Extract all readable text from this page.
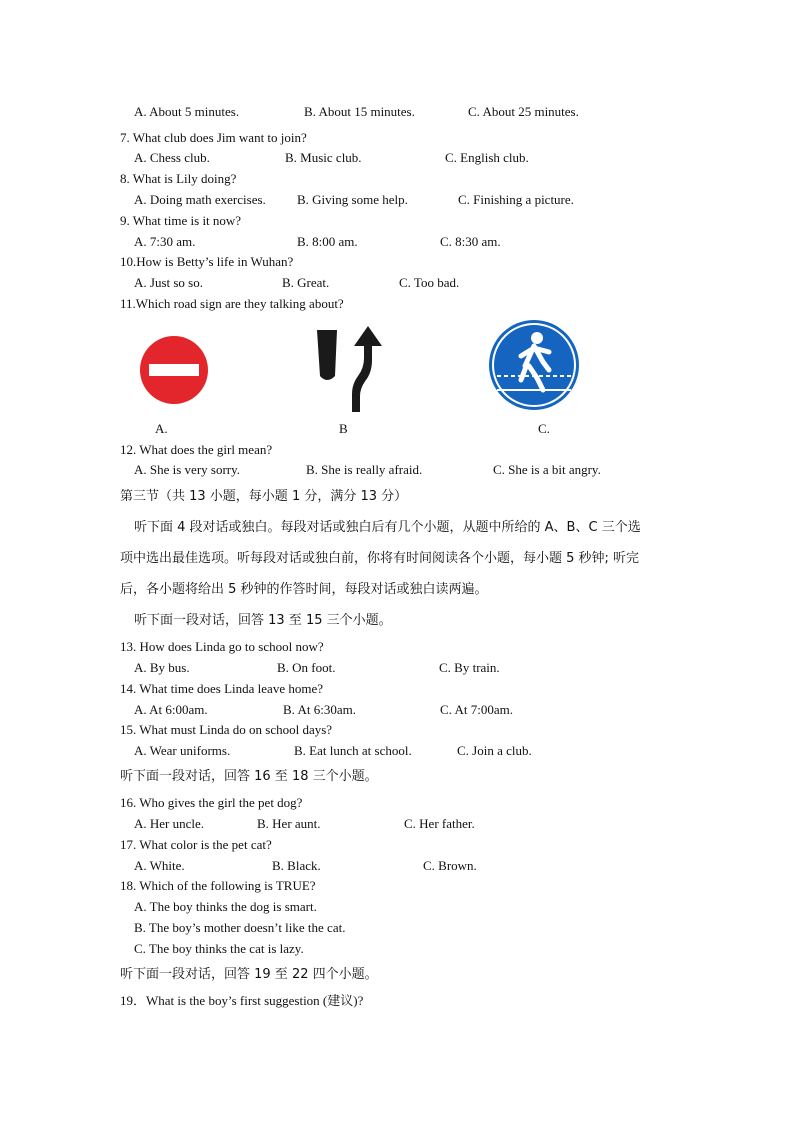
A. About 5 minutes.	B. About 15 minutes.	C. About 25 minutes.
7. What club does Jim want to join?
A. Chess club.	B. Music club.	C. English club.
8. What is Lily doing?
A. Doing math exercises. B. Giving some help.	C. Finishing a picture.
9. What time is it now?
A. 7:30 am.	B. 8:00 am.	C. 8:30 am.
10.How is Betty’s life in Wuhan?
A. Just so so.	B. Great.	C. Too bad.
11.Which road sign are they talking about?
A.	B	C.
12. What does the girl mean?
A. She is very sorry.	B. She is really afraid.	C. She is a bit angry.
第三节（共 13 小题，每小题 1 分，满分 13 分）
听下面 4 段对话或独白。每段对话或独白后有几个小题，从题中所给的 A、B、C 三个选
项中选出最佳选项。听每段对话或独白前，你将有时间阅读各个小题，每小题 5 秒钟; 听完
后，各小题将给出 5 秒钟的作答时间，每段对话或独白读两遍。
听下面一段对话，回答 13 至 15 三个小题。
13. How does Linda go to school now?
A. By bus.	B. On foot.	C. By train.
14. What time does Linda leave home?
A. At 6:00am.	B. At 6:30am.	C. At 7:00am.
15. What must Linda do on school days?
A. Wear uniforms.	B. Eat lunch at school.	C. Join a club.
听下面一段对话，回答 16 至 18 三个小题。
16. Who gives the girl the pet dog?
A. Her uncle.	B. Her aunt.	C. Her father.
17. What color is the pet cat?
A. White.	B. Black.	C. Brown.
18. Which of the following is TRUE?
A. The boy thinks the dog is smart.
B. The boy’s mother doesn’t like the cat.
C. The boy thinks the cat is lazy.
听下面一段对话，回答 19 至 22 四个小题。
19．What is the boy’s first suggestion (建议)?
